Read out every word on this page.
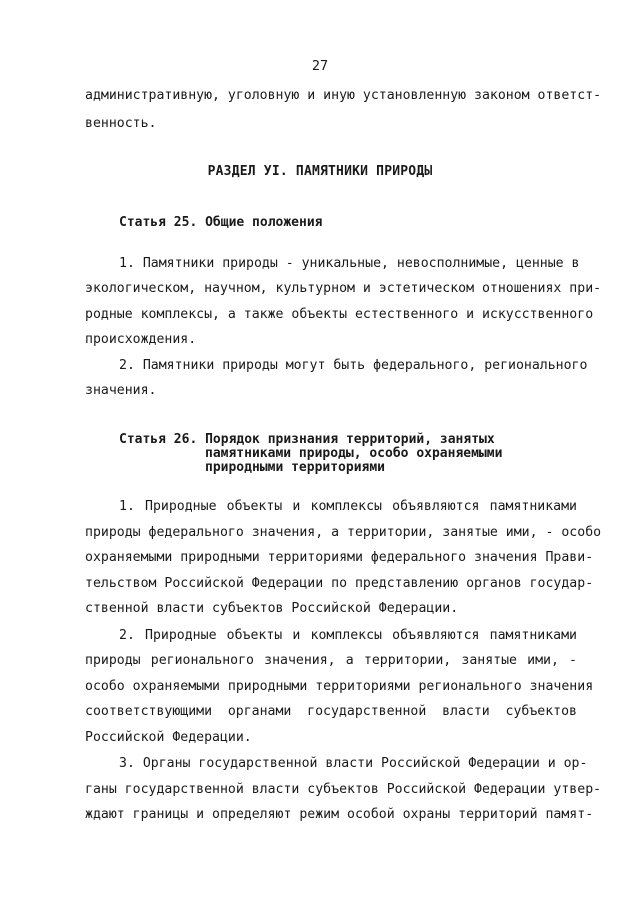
27
административную, уголовную и иную установленную законом ответст-
венность.
РАЗДЕЛ УI. ПАМЯТНИКИ ПРИРОДЫ
Статья 25. Общие положения
1. Памятники природы - уникальные, невосполнимые, ценные в
экологическом, научном, культурном и эстетическом отношениях при-
родные комплексы, а также объекты естественного и искусственного
происхождения.
2. Памятники природы могут быть федерального, регионального
значения.
Статья 26. Порядок признания территорий, занятых
памятниками природы, особо охраняемыми
природными территориями
1. Природные объекты и комплексы объявляются памятниками
природы федерального значения, а территории, занятые ими, - особо
охраняемыми природными территориями федерального значения Прави-
тельством Российской Федерации по представлению органов государ-
ственной власти субъектов Российской Федерации.
2. Природные объекты и комплексы объявляются памятниками
природы регионального значения, а территории, занятые ими, -
особо охраняемыми природными территориями регионального значения
соответствующими органами государственной власти субъектов
Российской Федерации.
3. Органы государственной власти Российской Федерации и ор-
ганы государственной власти субъектов Российской Федерации утвер-
ждают границы и определяют режим особой охраны территорий памят-
